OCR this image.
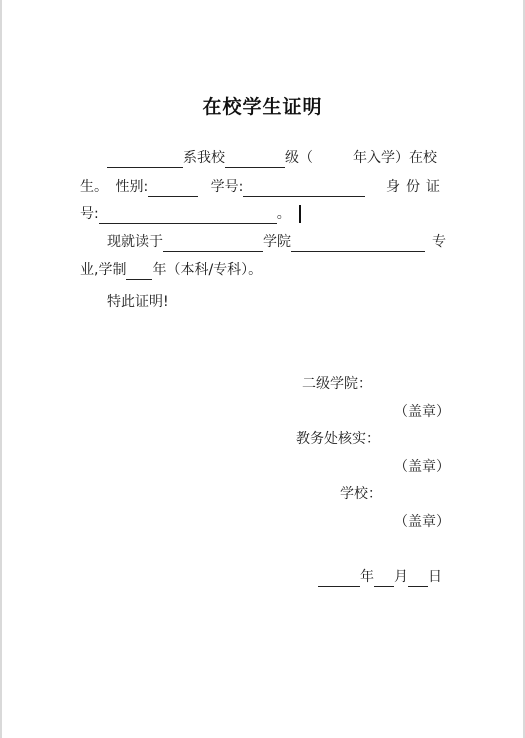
在校学生证明
系我校	级（	年入学）在校
生。 性别:	学号:	身份证
号:	。
现就读于	学院	专
业,学制 年（本科/专科）。
特此证明!
二级学院：
（盖章）
教务处核实：
（盖章）
学校：
（盖章）
年 月 日
